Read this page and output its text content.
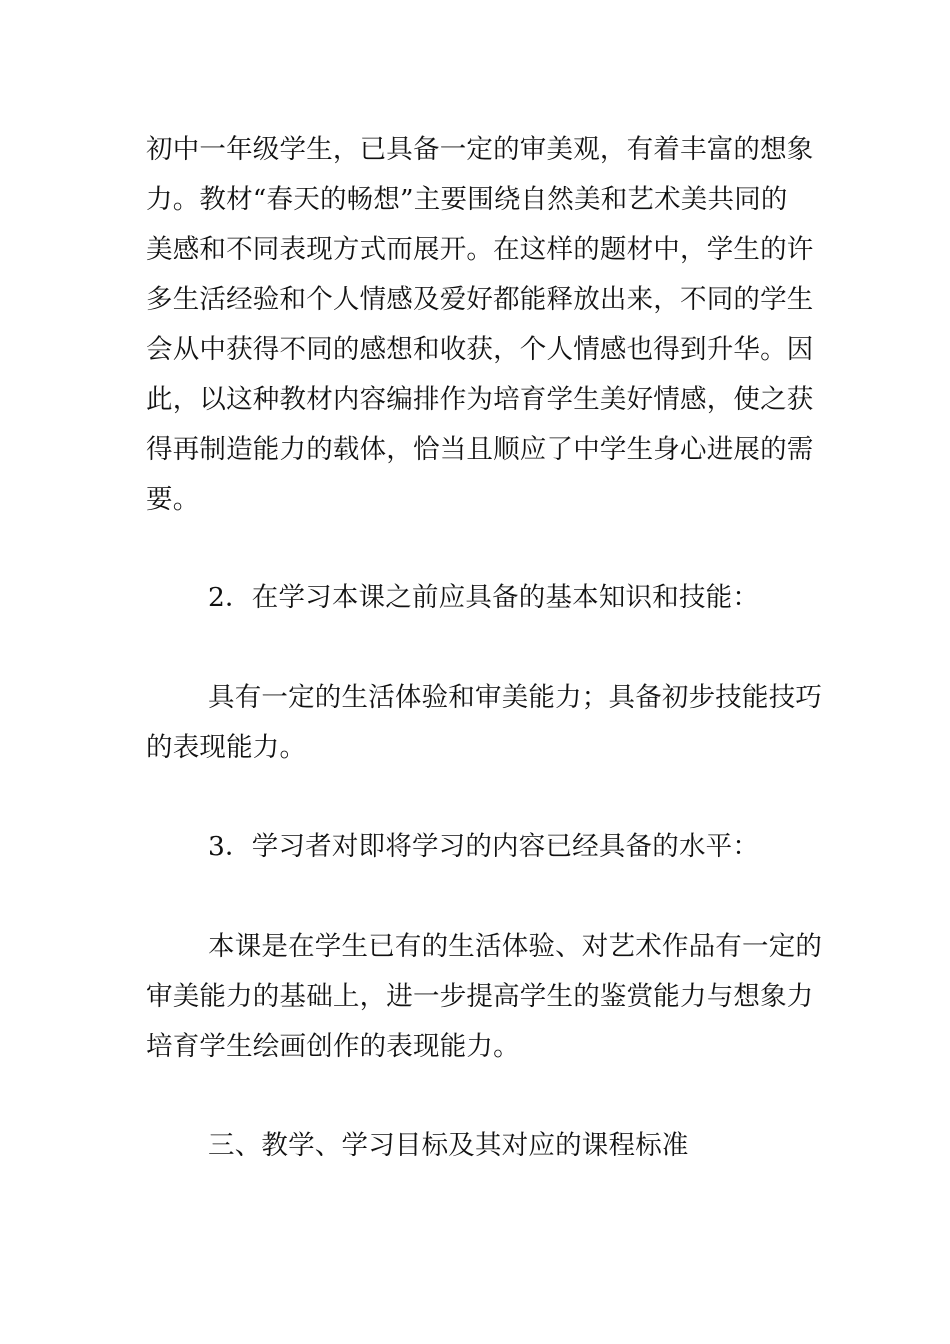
初中一年级学生，已具备一定的审美观，有着丰富的想象
力。教材“春天的畅想”主要围绕自然美和艺术美共同的
美感和不同表现方式而展开。在这样的题材中，学生的许
多生活经验和个人情感及爱好都能释放出来，不同的学生
会从中获得不同的感想和收获，个人情感也得到升华。因
此，以这种教材内容编排作为培育学生美好情感，使之获
得再制造能力的载体，恰当且顺应了中学生身心进展的需
要。
2．在学习本课之前应具备的基本知识和技能：
具有一定的生活体验和审美能力；具备初步技能技巧
的表现能力。
3．学习者对即将学习的内容已经具备的水平：
本课是在学生已有的生活体验、对艺术作品有一定的
审美能力的基础上，进一步提高学生的鉴赏能力与想象力
培育学生绘画创作的表现能力。
三、教学、学习目标及其对应的课程标准
